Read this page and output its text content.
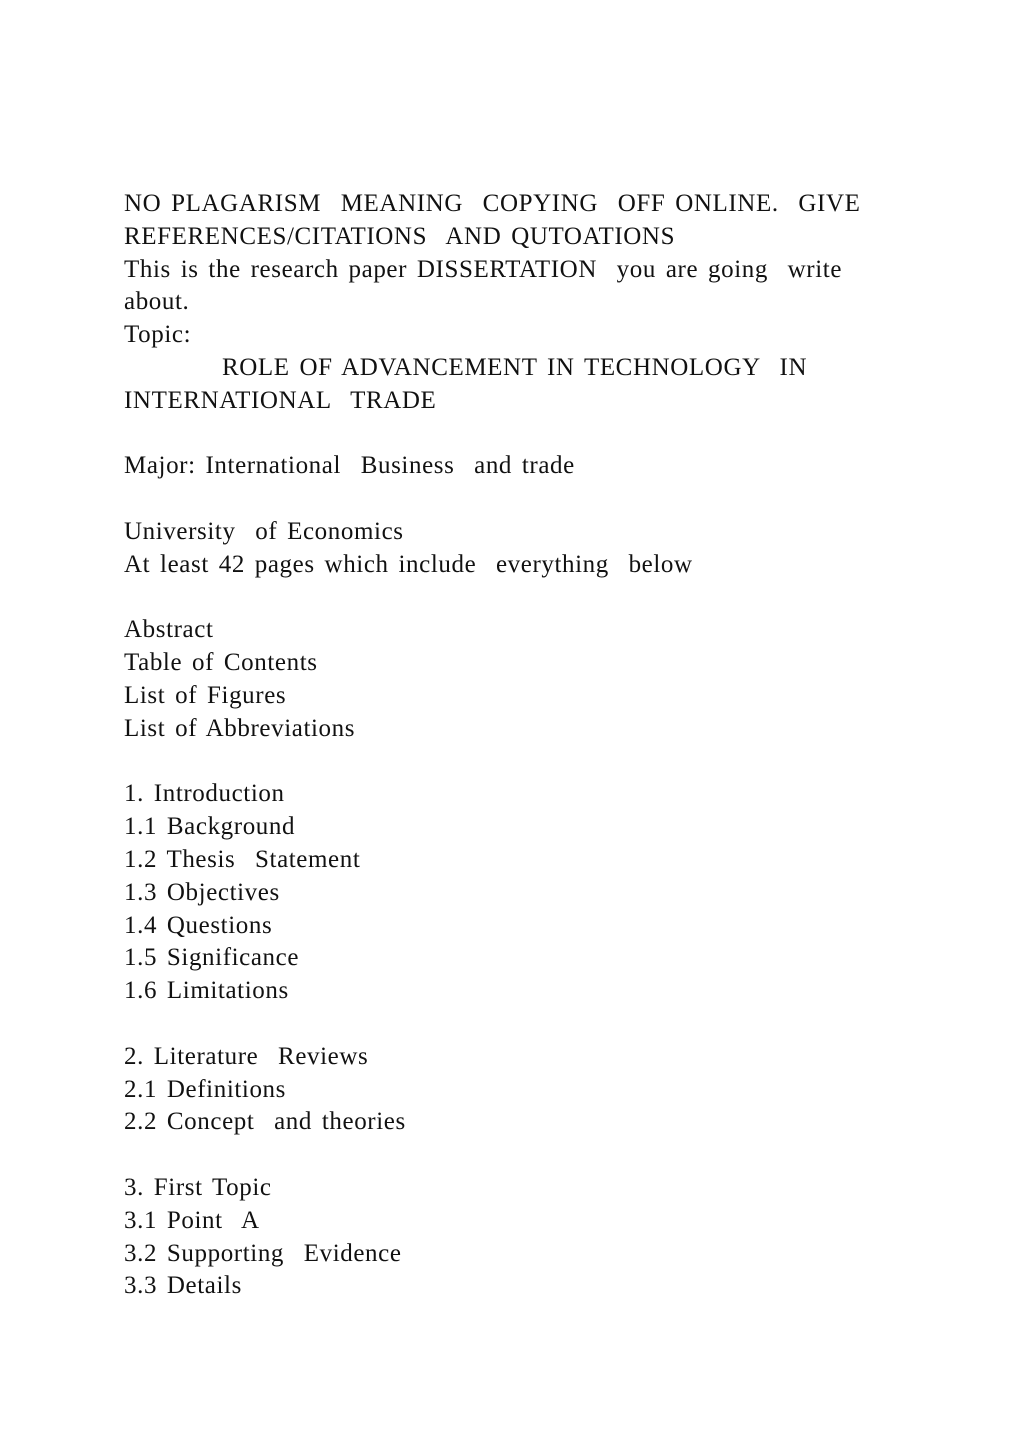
NO PLAGARISM  MEANING  COPYING  OFF ONLINE.  GIVE
REFERENCES/CITATIONS  AND QUTOATIONS
This is the research paper DISSERTATION  you are going  write
about.
Topic:
ROLE OF ADVANCEMENT IN TECHNOLOGY  IN
INTERNATIONAL  TRADE
Major: International  Business  and trade
University  of Economics
At least 42 pages which include  everything  below
Abstract
Table of Contents
List of Figures
List of Abbreviations
1. Introduction
1.1 Background
1.2 Thesis  Statement
1.3 Objectives
1.4 Questions
1.5 Significance
1.6 Limitations
2. Literature  Reviews
2.1 Definitions
2.2 Concept  and theories
3. First Topic
3.1 Point  A
3.2 Supporting  Evidence
3.3 Details
